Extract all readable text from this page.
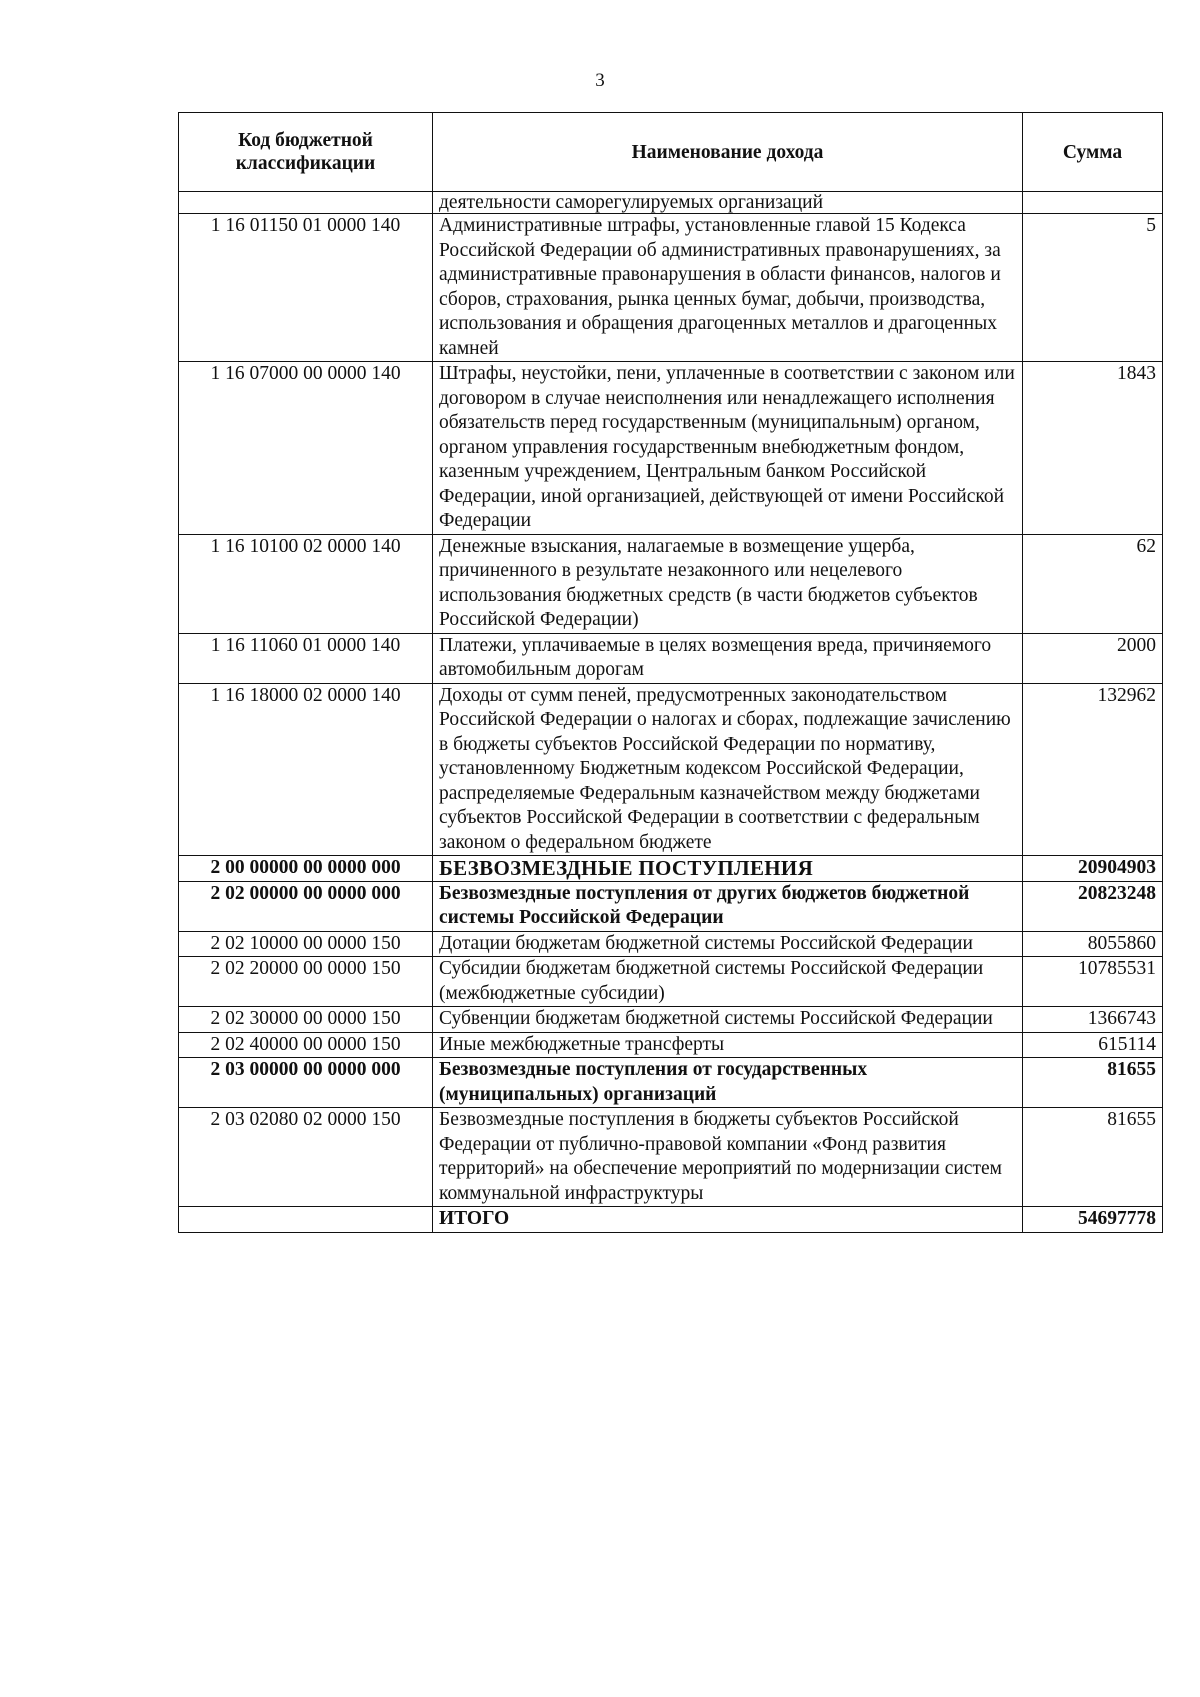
3
Код бюджетной классификации	Наименование дохода	Сумма
	деятельности саморегулируемых организаций	
1 16 01150 01 0000 140	Административные штрафы, установленные главой 15 Кодекса Российской Федерации об административных правонарушениях, за административные правонарушения в области финансов, налогов и сборов, страхования, рынка ценных бумаг, добычи, производства, использования и обращения драгоценных металлов и драгоценных камней	5
1 16 07000 00 0000 140	Штрафы, неустойки, пени, уплаченные в соответствии с законом или договором в случае неисполнения или ненадлежащего исполнения обязательств перед государственным (муниципальным) органом, органом управления государственным внебюджетным фондом, казенным учреждением, Центральным банком Российской Федерации, иной организацией, действующей от имени Российской Федерации	1843
1 16 10100 02 0000 140	Денежные взыскания, налагаемые в возмещение ущерба, причиненного в результате незаконного или нецелевого использования бюджетных средств (в части бюджетов субъектов Российской Федерации)	62
1 16 11060 01 0000 140	Платежи, уплачиваемые в целях возмещения вреда, причиняемого автомобильным дорогам	2000
1 16 18000 02 0000 140	Доходы от сумм пеней, предусмотренных законодательством Российской Федерации о налогах и сборах, подлежащие зачислению в бюджеты субъектов Российской Федерации по нормативу, установленному Бюджетным кодексом Российской Федерации, распределяемые Федеральным казначейством между бюджетами субъектов Российской Федерации в соответствии с федеральным законом о федеральном бюджете	132962
2 00 00000 00 0000 000	БЕЗВОЗМЕЗДНЫЕ ПОСТУПЛЕНИЯ	20904903
2 02 00000 00 0000 000	Безвозмездные поступления от других бюджетов бюджетной системы Российской Федерации	20823248
2 02 10000 00 0000 150	Дотации бюджетам бюджетной системы Российской Федерации	8055860
2 02 20000 00 0000 150	Субсидии бюджетам бюджетной системы Российской Федерации (межбюджетные субсидии)	10785531
2 02 30000 00 0000 150	Субвенции бюджетам бюджетной системы Российской Федерации	1366743
2 02 40000 00 0000 150	Иные межбюджетные трансферты	615114
2 03 00000 00 0000 000	Безвозмездные поступления от государственных (муниципальных) организаций	81655
2 03 02080 02 0000 150	Безвозмездные поступления в бюджеты субъектов Российской Федерации от публично-правовой компании «Фонд развития территорий» на обеспечение мероприятий по модернизации систем коммунальной инфраструктуры	81655
	ИТОГО	54697778
